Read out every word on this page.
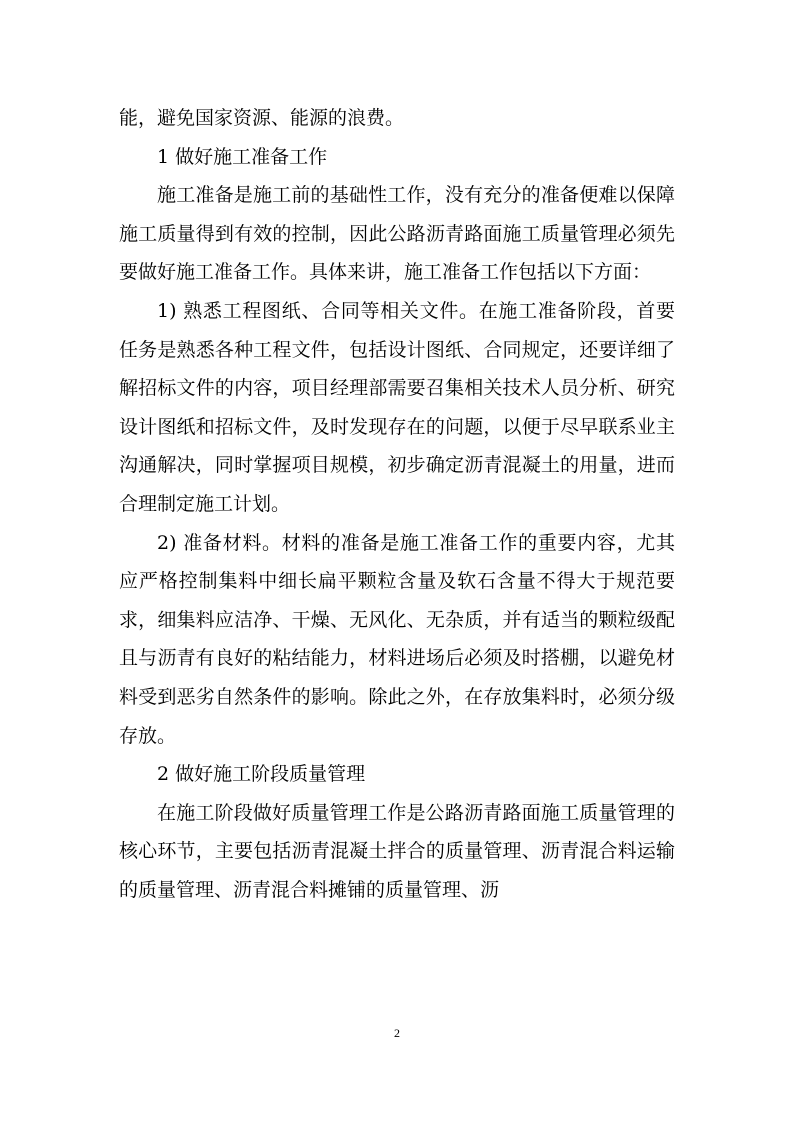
能，避免国家资源、能源的浪费。

1 做好施工准备工作

施工准备是施工前的基础性工作，没有充分的准备便难以保障施工质量得到有效的控制，因此公路沥青路面施工质量管理必须先要做好施工准备工作。具体来讲，施工准备工作包括以下方面：

1) 熟悉工程图纸、合同等相关文件。在施工准备阶段，首要任务是熟悉各种工程文件，包括设计图纸、合同规定，还要详细了解招标文件的内容，项目经理部需要召集相关技术人员分析、研究设计图纸和招标文件，及时发现存在的问题，以便于尽早联系业主沟通解决，同时掌握项目规模，初步确定沥青混凝土的用量，进而合理制定施工计划。

2) 准备材料。材料的准备是施工准备工作的重要内容，尤其应严格控制集料中细长扁平颗粒含量及软石含量不得大于规范要求，细集料应洁净、干燥、无风化、无杂质，并有适当的颗粒级配且与沥青有良好的粘结能力，材料进场后必须及时搭棚，以避免材料受到恶劣自然条件的影响。除此之外，在存放集料时，必须分级存放。

2 做好施工阶段质量管理

在施工阶段做好质量管理工作是公路沥青路面施工质量管理的核心环节，主要包括沥青混凝土拌合的质量管理、沥青混合料运输的质量管理、沥青混合料摊铺的质量管理、沥

2
